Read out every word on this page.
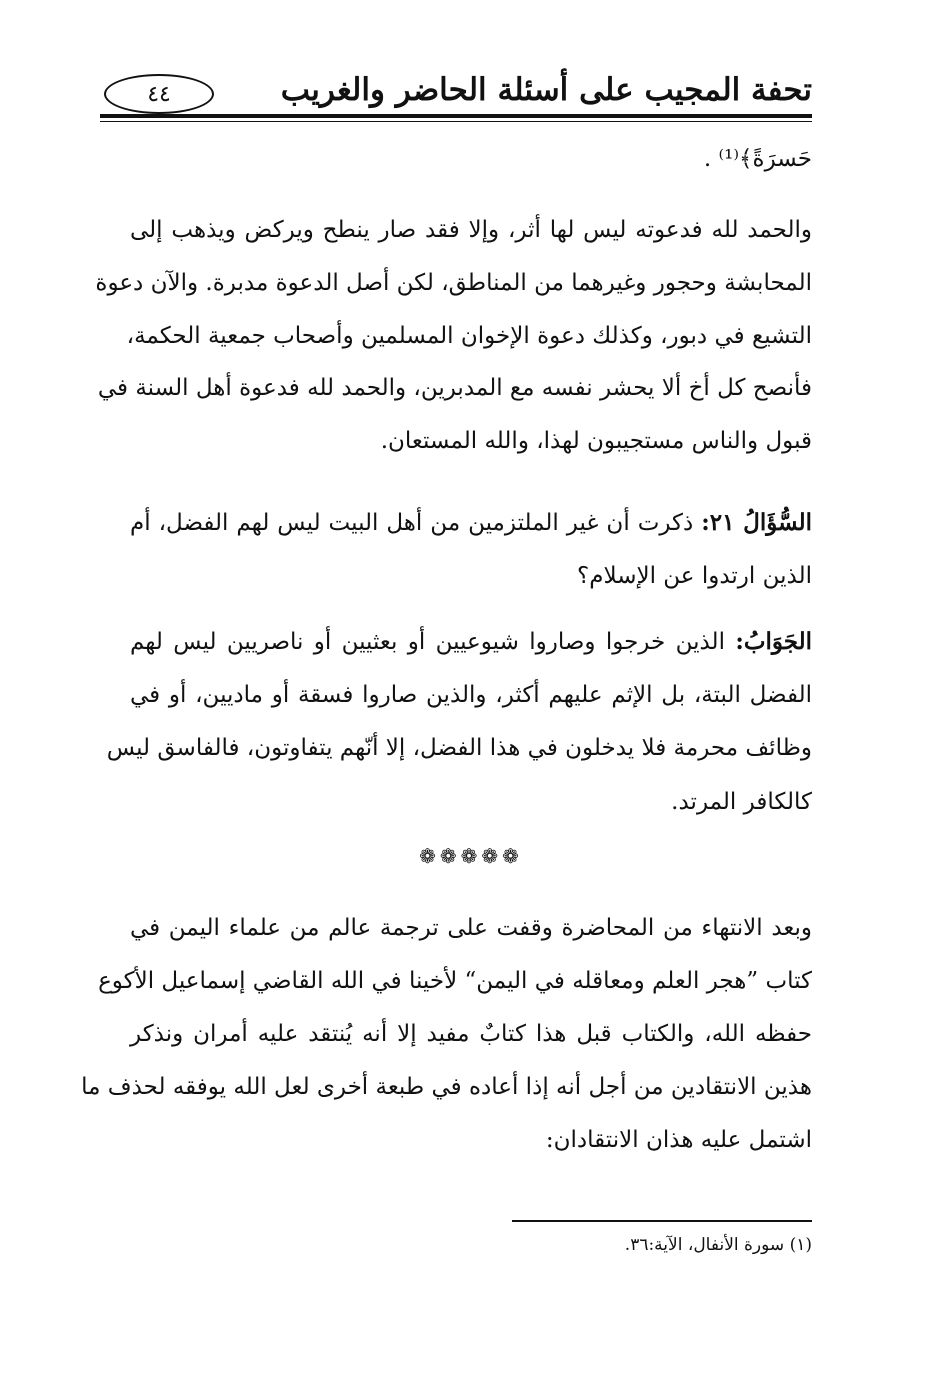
تحفة المجيب على أسئلة الحاضر والغريب
٤٤
حَسرَةً﴾⁽¹⁾ .
والحمد لله فدعوته ليس لها أثر، وإلا فقد صار ينطح ويركض ويذهب إلى
المحابشة وحجور وغيرهما من المناطق، لكن أصل الدعوة مدبرة. والآن دعوة
التشيع في دبور، وكذلك دعوة الإخوان المسلمين وأصحاب جمعية الحكمة،
فأنصح كل أخ ألا يحشر نفسه مع المدبرين، والحمد لله فدعوة أهل السنة في
قبول والناس مستجيبون لهذا، والله المستعان.
السُّؤَالُ ٢١: ذكرت أن غير الملتزمين من أهل البيت ليس لهم الفضل، أم
الذين ارتدوا عن الإسلام؟
الجَوَابُ: الذين خرجوا وصاروا شيوعيين أو بعثيين أو ناصريين ليس لهم
الفضل البتة، بل الإثم عليهم أكثر، والذين صاروا فسقة أو ماديين، أو في
وظائف محرمة فلا يدخلون في هذا الفضل، إلا أنّهم يتفاوتون، فالفاسق ليس
كالكافر المرتد.
❁❁❁❁❁
وبعد الانتهاء من المحاضرة وقفت على ترجمة عالم من علماء اليمن في
كتاب ”هجر العلم ومعاقله في اليمن“ لأخينا في الله القاضي إسماعيل الأكوع
حفظه الله، والكتاب قبل هذا كتابٌ مفيد إلا أنه يُنتقد عليه أمران ونذكر
هذين الانتقادين من أجل أنه إذا أعاده في طبعة أخرى لعل الله يوفقه لحذف ما
اشتمل عليه هذان الانتقادان:
(١) سورة الأنفال، الآية:٣٦.
